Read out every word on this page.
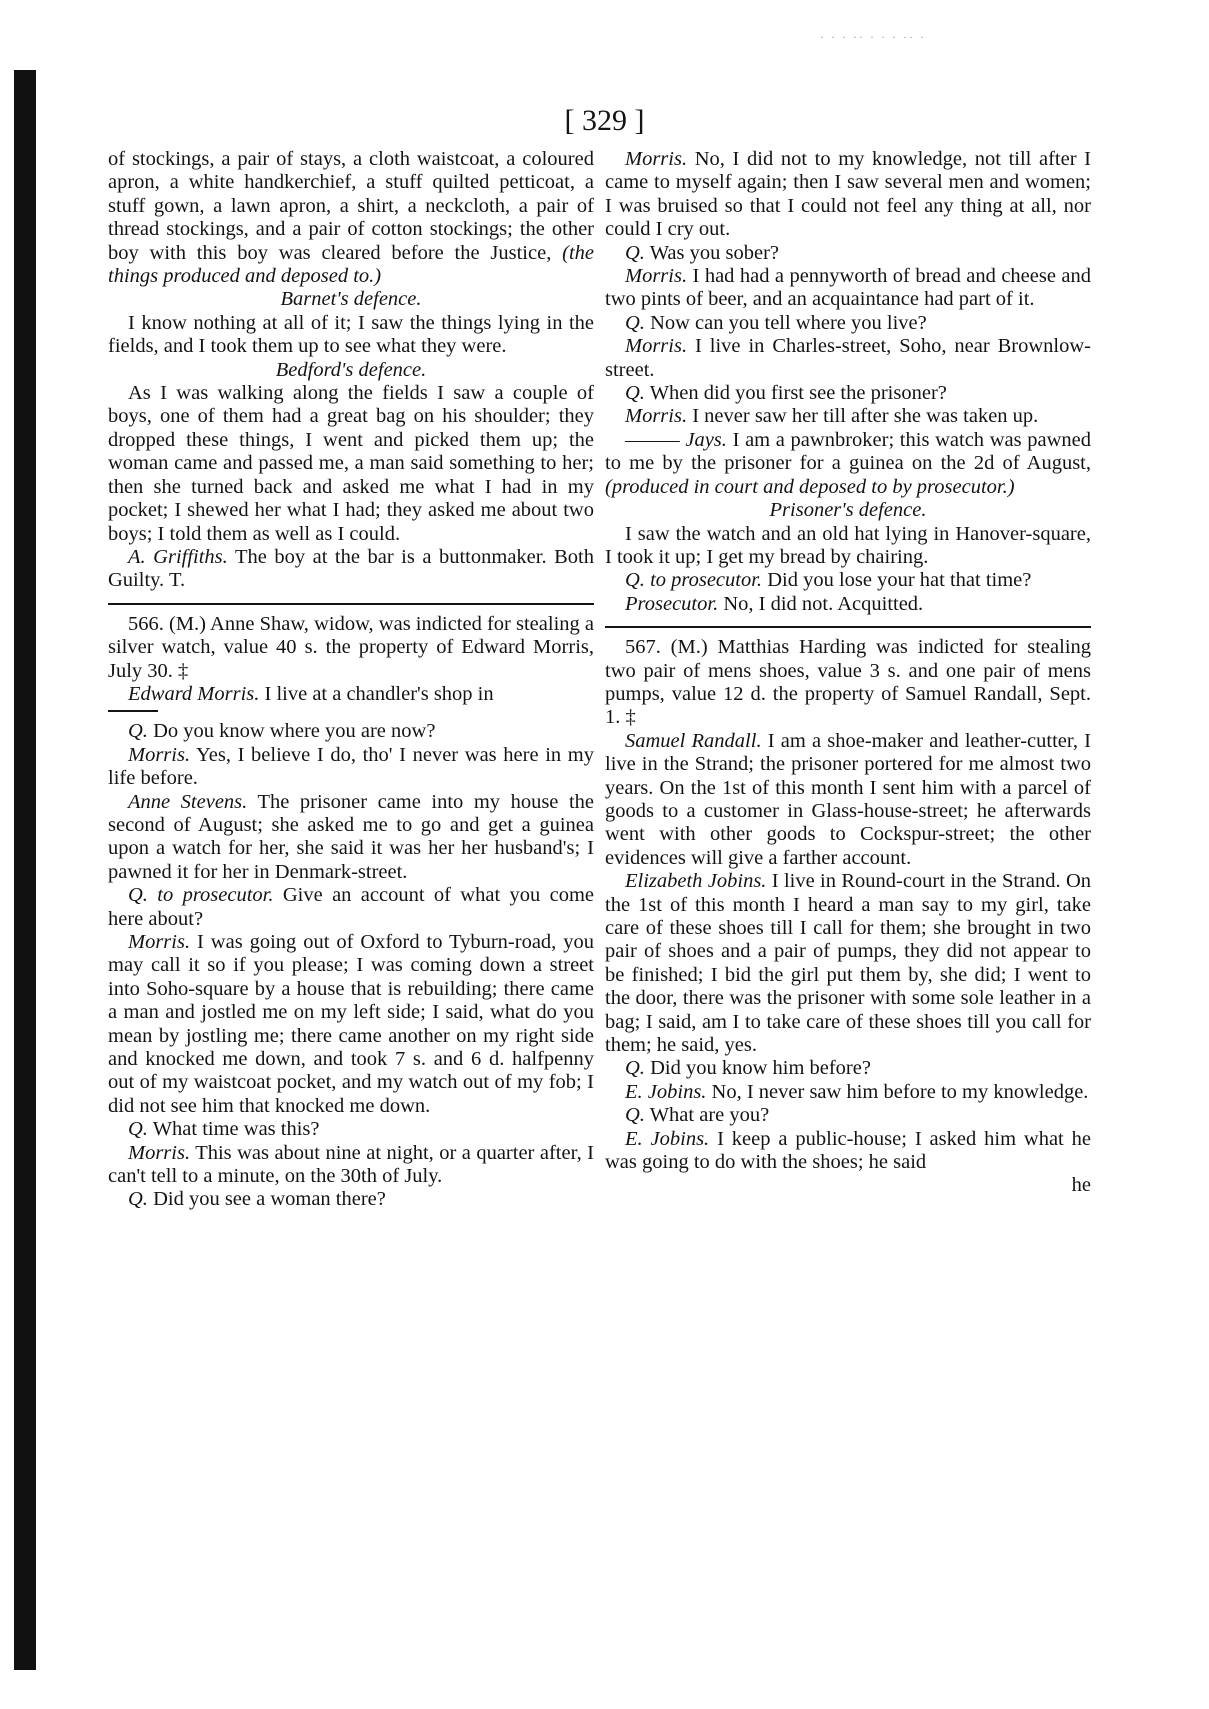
· · · ·· · · · ·· ·
[ 329 ]

of stockings, a pair of stays, a cloth waistcoat, a coloured apron, a white handkerchief, a stuff quilted petticoat, a stuff gown, a lawn apron, a shirt, a neckcloth, a pair of thread stockings, and a pair of cotton stockings; the other boy with this boy was cleared before the Justice, (the things produced and deposed to.)

Barnet's defence.

I know nothing at all of it; I saw the things lying in the fields, and I took them up to see what they were.

Bedford's defence.

As I was walking along the fields I saw a couple of boys, one of them had a great bag on his shoulder; they dropped these things, I went and picked them up; the woman came and passed me, a man said something to her; then she turned back and asked me what I had in my pocket; I shewed her what I had; they asked me about two boys; I told them as well as I could.

A. Griffiths. The boy at the bar is a buttonmaker. Both Guilty. T.

566. (M.) Anne Shaw, widow, was indicted for stealing a silver watch, value 40 s. the property of Edward Morris, July 30. ‡

Edward Morris. I live at a chandler's shop in

Q. Do you know where you are now?

Morris. Yes, I believe I do, tho' I never was here in my life before.

Anne Stevens. The prisoner came into my house the second of August; she asked me to go and get a guinea upon a watch for her, she said it was her her husband's; I pawned it for her in Denmark-street.

Q. to prosecutor. Give an account of what you come here about?

Morris. I was going out of Oxford to Tyburn-road, you may call it so if you please; I was coming down a street into Soho-square by a house that is rebuilding; there came a man and jostled me on my left side; I said, what do you mean by jostling me; there came another on my right side and knocked me down, and took 7 s. and 6 d. halfpenny out of my waistcoat pocket, and my watch out of my fob; I did not see him that knocked me down.

Q. What time was this?

Morris. This was about nine at night, or a quarter after, I can't tell to a minute, on the 30th of July.

Q. Did you see a woman there?

Morris. No, I did not to my knowledge, not till after I came to myself again; then I saw several men and women; I was bruised so that I could not feel any thing at all, nor could I cry out.

Q. Was you sober?

Morris. I had had a pennyworth of bread and cheese and two pints of beer, and an acquaintance had part of it.

Q. Now can you tell where you live?

Morris. I live in Charles-street, Soho, near Brownlow-street.

Q. When did you first see the prisoner?

Morris. I never saw her till after she was taken up.

——— Jays. I am a pawnbroker; this watch was pawned to me by the prisoner for a guinea on the 2d of August, (produced in court and deposed to by prosecutor.)

Prisoner's defence.

I saw the watch and an old hat lying in Hanover-square, I took it up; I get my bread by chairing.

Q. to prosecutor. Did you lose your hat that time?

Prosecutor. No, I did not. Acquitted.

567. (M.) Matthias Harding was indicted for stealing two pair of mens shoes, value 3 s. and one pair of mens pumps, value 12 d. the property of Samuel Randall, Sept. 1. ‡

Samuel Randall. I am a shoe-maker and leather-cutter, I live in the Strand; the prisoner portered for me almost two years. On the 1st of this month I sent him with a parcel of goods to a customer in Glass-house-street; he afterwards went with other goods to Cockspur-street; the other evidences will give a farther account.

Elizabeth Jobins. I live in Round-court in the Strand. On the 1st of this month I heard a man say to my girl, take care of these shoes till I call for them; she brought in two pair of shoes and a pair of pumps, they did not appear to be finished; I bid the girl put them by, she did; I went to the door, there was the prisoner with some sole leather in a bag; I said, am I to take care of these shoes till you call for them; he said, yes.

Q. Did you know him before?

E. Jobins. No, I never saw him before to my knowledge.

Q. What are you?

E. Jobins. I keep a public-house; I asked him what he was going to do with the shoes; he said

he
